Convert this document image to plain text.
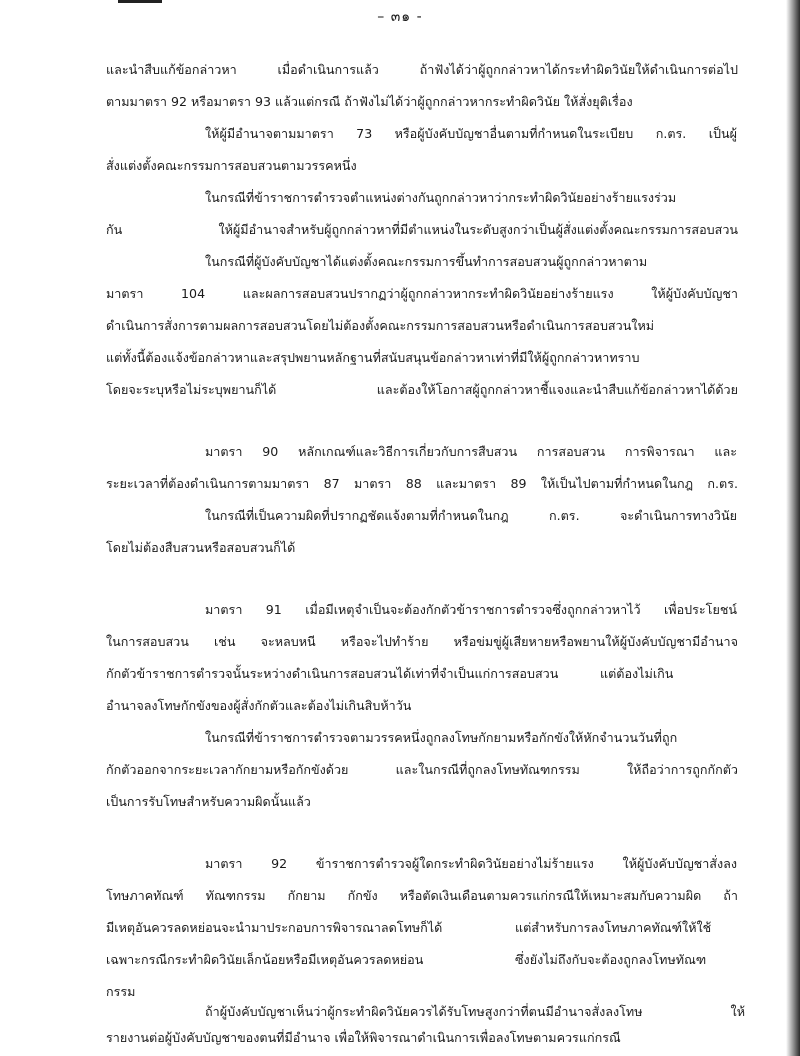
– ๓๑ -
และนำสืบแก้ข้อกล่าวหา เมื่อดำเนินการแล้ว ถ้าฟังได้ว่าผู้ถูกกล่าวหาได้กระทำผิดวินัยให้ดำเนินการต่อไป
ตามมาตรา 92 หรือมาตรา 93 แล้วแต่กรณี ถ้าฟังไม่ได้ว่าผู้ถูกกล่าวหากระทำผิดวินัย ให้สั่งยุติเรื่อง
ให้ผู้มีอำนาจตามมาตรา 73 หรือผู้บังคับบัญชาอื่นตามที่กำหนดในระเบียบ ก.ตร. เป็นผู้
สั่งแต่งตั้งคณะกรรมการสอบสวนตามวรรคหนึ่ง
ในกรณีที่ข้าราชการตำรวจตำแหน่งต่างกันถูกกล่าวหาว่ากระทำผิดวินัยอย่างร้ายแรงร่วม
กัน ให้ผู้มีอำนาจสำหรับผู้ถูกกล่าวหาที่มีตำแหน่งในระดับสูงกว่าเป็นผู้สั่งแต่งตั้งคณะกรรมการสอบสวน
ในกรณีที่ผู้บังคับบัญชาได้แต่งตั้งคณะกรรมการขึ้นทำการสอบสวนผู้ถูกกล่าวหาตาม
มาตรา 104 และผลการสอบสวนปรากฏว่าผู้ถูกกล่าวหากระทำผิดวินัยอย่างร้ายแรง ให้ผู้บังคับบัญชา
ดำเนินการสั่งการตามผลการสอบสวนโดยไม่ต้องตั้งคณะกรรมการสอบสวนหรือดำเนินการสอบสวนใหม่
แต่ทั้งนี้ต้องแจ้งข้อกล่าวหาและสรุปพยานหลักฐานที่สนับสนุนข้อกล่าวหาเท่าที่มีให้ผู้ถูกกล่าวหาทราบ
โดยจะระบุหรือไม่ระบุพยานก็ได้ และต้องให้โอกาสผู้ถูกกล่าวหาชี้แจงและนำสืบแก้ข้อกล่าวหาได้ด้วย
มาตรา 90 หลักเกณฑ์และวิธีการเกี่ยวกับการสืบสวน การสอบสวน การพิจารณา และ
ระยะเวลาที่ต้องดำเนินการตามมาตรา 87 มาตรา 88 และมาตรา 89 ให้เป็นไปตามที่กำหนดในกฎ ก.ตร.
ในกรณีที่เป็นความผิดที่ปรากฏชัดแจ้งตามที่กำหนดในกฎ ก.ตร. จะดำเนินการทางวินัย
โดยไม่ต้องสืบสวนหรือสอบสวนก็ได้
มาตรา 91 เมื่อมีเหตุจำเป็นจะต้องกักตัวข้าราชการตำรวจซึ่งถูกกล่าวหาไว้ เพื่อประโยชน์
ในการสอบสวน เช่น จะหลบหนี หรือจะไปทำร้าย หรือข่มขู่ผู้เสียหายหรือพยานให้ผู้บังคับบัญชามีอำนาจ
กักตัวข้าราชการตำรวจนั้นระหว่างดำเนินการสอบสวนได้เท่าที่จำเป็นแก่การสอบสวน	แต่ต้องไม่เกิน
อำนาจลงโทษกักขังของผู้สั่งกักตัวและต้องไม่เกินสิบห้าวัน
ในกรณีที่ข้าราชการตำรวจตามวรรคหนึ่งถูกลงโทษกักยามหรือกักขังให้หักจำนวนวันที่ถูก
กักตัวออกจากระยะเวลากักยามหรือกักขังด้วย และในกรณีที่ถูกลงโทษทัณฑกรรม ให้ถือว่าการถูกกักตัว
เป็นการรับโทษสำหรับความผิดนั้นแล้ว
มาตรา 92 ข้าราชการตำรวจผู้ใดกระทำผิดวินัยอย่างไม่ร้ายแรง ให้ผู้บังคับบัญชาสั่งลง
โทษภาคทัณฑ์ ทัณฑกรรม กักยาม กักขัง หรือตัดเงินเดือนตามควรแก่กรณีให้เหมาะสมกับความผิด ถ้า
มีเหตุอันควรลดหย่อนจะนำมาประกอบการพิจารณาลดโทษก็ได้	แต่สำหรับการลงโทษภาคทัณฑ์ให้ใช้
เฉพาะกรณีกระทำผิดวินัยเล็กน้อยหรือมีเหตุอันควรลดหย่อน	ซึ่งยังไม่ถึงกับจะต้องถูกลงโทษทัณฑ
กรรม
ถ้าผู้บังคับบัญชาเห็นว่าผู้กระทำผิดวินัยควรได้รับโทษสูงกว่าที่ตนมีอำนาจสั่งลงโทษ ให้
รายงานต่อผู้บังคับบัญชาของตนที่มีอำนาจ เพื่อให้พิจารณาดำเนินการเพื่อลงโทษตามควรแก่กรณี
